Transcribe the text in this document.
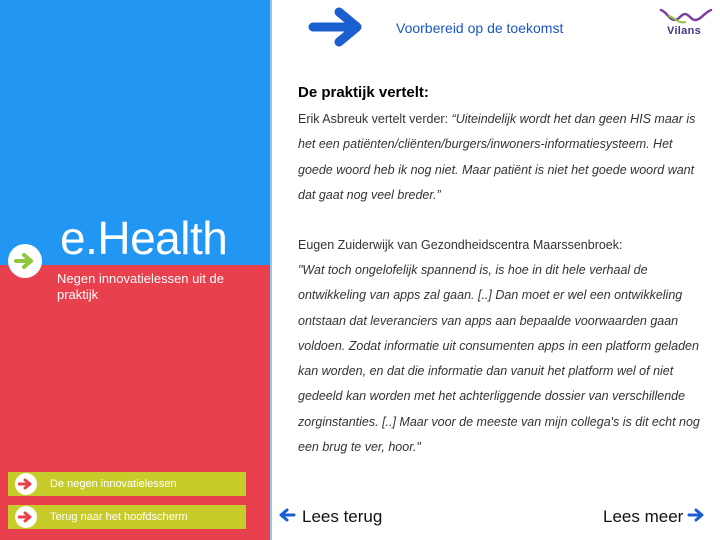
e.Health
Negen innovatielessen uit de praktijk
De negen innovatielessen
Terug naar het hoofdscherm
Voorbereid op de toekomst	Vilans
De praktijk vertelt:
Erik Asbreuk vertelt verder: “Uiteindelijk wordt het dan geen HIS maar is het een patiënten/cliënten/burgers/inwoners-informatiesysteem. Het goede woord heb ik nog niet. Maar patiënt is niet het goede woord want dat gaat nog veel breder.”
Eugen Zuiderwijk van Gezondheidscentra Maarssenbroek:
"Wat toch ongelofelijk spannend is, is hoe in dit hele verhaal de ontwikkeling van apps zal gaan. [..] Dan moet er wel een ontwikkeling ontstaan dat leveranciers van apps aan bepaalde voorwaarden gaan voldoen. Zodat informatie uit consumenten apps in een platform geladen kan worden, en dat die informatie dan vanuit het platform wel of niet gedeeld kan worden met het achterliggende dossier van verschillende zorginstanties. [..] Maar voor de meeste van mijn collega's is dit echt nog een brug te ver, hoor."
Lees terug	Lees meer
